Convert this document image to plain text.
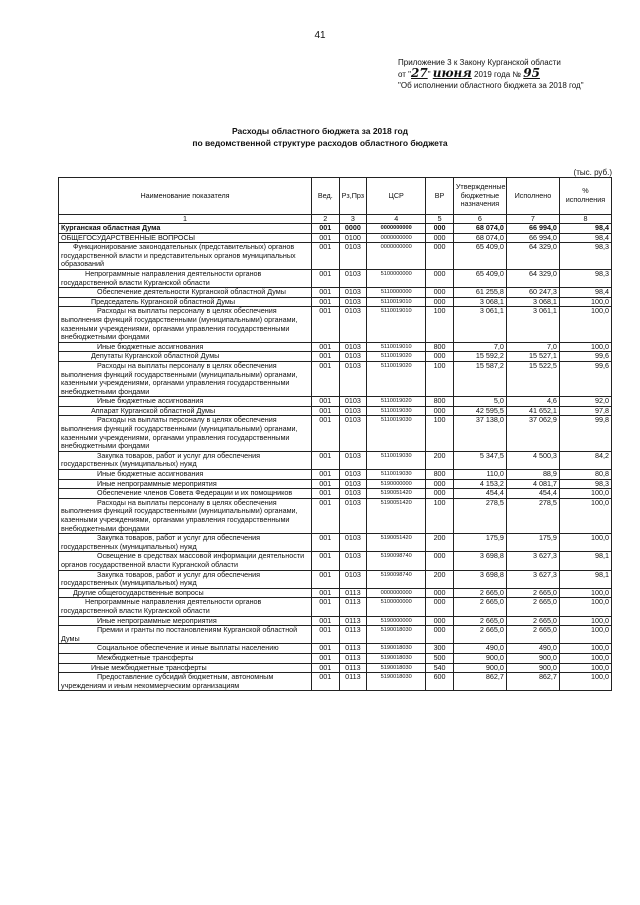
41
Приложение 3 к Закону Курганской области
от "27" июня 2019 года № 95
"Об исполнении областного бюджета за 2018 год"
Расходы областного бюджета за 2018 год
по ведомственной структуре расходов областного бюджета
(тыс. руб.)
Наименование показателя	Вед.	Рз,Прз	ЦСР	ВР	Утвержденные бюджетные назначения	Исполнено	% исполнения
1	2	3	4	5	6	7	8
Курганская областная Дума	001	0000	0000000000	000	68 074,0	66 994,0	98,4
ОБЩЕГОСУДАРСТВЕННЫЕ ВОПРОСЫ	001	0100	0000000000	000	68 074,0	66 994,0	98,4
Функционирование законодательных (представительных) органов государственной власти и представительных органов муниципальных образований	001	0103	0000000000	000	65 409,0	64 329,0	98,3
Непрограммные направления деятельности органов государственной власти Курганской области	001	0103	5100000000	000	65 409,0	64 329,0	98,3
Обеспечение деятельности Курганской областной Думы	001	0103	5110000000	000	61 255,8	60 247,3	98,4
Председатель Курганской областной Думы	001	0103	5110019010	000	3 068,1	3 068,1	100,0
Расходы на выплаты персоналу в целях обеспечения выполнения функций государственными (муниципальными) органами, казенными учреждениями, органами управления государственными внебюджетными фондами	001	0103	5110019010	100	3 061,1	3 061,1	100,0
Иные бюджетные ассигнования	001	0103	5110019010	800	7,0	7,0	100,0
Депутаты Курганской областной Думы	001	0103	5110019020	000	15 592,2	15 527,1	99,6
Расходы на выплаты персоналу в целях обеспечения выполнения функций государственными (муниципальными) органами, казенными учреждениями, органами управления государственными внебюджетными фондами	001	0103	5110019020	100	15 587,2	15 522,5	99,6
Иные бюджетные ассигнования	001	0103	5110019020	800	5,0	4,6	92,0
Аппарат Курганской областной Думы	001	0103	5110019030	000	42 595,5	41 652,1	97,8
Расходы на выплаты персоналу в целях обеспечения выполнения функций государственными (муниципальными) органами, казенными учреждениями, органами управления государственными внебюджетными фондами	001	0103	5110019030	100	37 138,0	37 062,9	99,8
Закупка товаров, работ и услуг для обеспечения государственных (муниципальных) нужд	001	0103	5110019030	200	5 347,5	4 500,3	84,2
Иные бюджетные ассигнования	001	0103	5110019030	800	110,0	88,9	80,8
Иные непрограммные мероприятия	001	0103	5190000000	000	4 153,2	4 081,7	98,3
Обеспечение членов Совета Федерации и их помощников	001	0103	5190051420	000	454,4	454,4	100,0
Расходы на выплаты персоналу в целях обеспечения выполнения функций государственными (муниципальными) органами, казенными учреждениями, органами управления государственными внебюджетными фондами	001	0103	5190051420	100	278,5	278,5	100,0
Закупка товаров, работ и услуг для обеспечения государственных (муниципальных) нужд	001	0103	5190051420	200	175,9	175,9	100,0
Освещение в средствах массовой информации деятельности органов государственной власти Курганской области	001	0103	5190098740	000	3 698,8	3 627,3	98,1
Закупка товаров, работ и услуг для обеспечения государственных (муниципальных) нужд	001	0103	5190098740	200	3 698,8	3 627,3	98,1
Другие общегосударственные вопросы	001	0113	0000000000	000	2 665,0	2 665,0	100,0
Непрограммные направления деятельности органов государственной власти Курганской области	001	0113	5100000000	000	2 665,0	2 665,0	100,0
Иные непрограммные мероприятия	001	0113	5190000000	000	2 665,0	2 665,0	100,0
Премии и гранты по постановлениям Курганской областной Думы	001	0113	5190018030	000	2 665,0	2 665,0	100,0
Социальное обеспечение и иные выплаты населению	001	0113	5190018030	300	490,0	490,0	100,0
Межбюджетные трансферты	001	0113	5190018030	500	900,0	900,0	100,0
Иные межбюджетные трансферты	001	0113	5190018030	540	900,0	900,0	100,0
Предоставление субсидий бюджетным, автономным учреждениям и иным некоммерческим организациям	001	0113	5190018030	600	862,7	862,7	100,0
